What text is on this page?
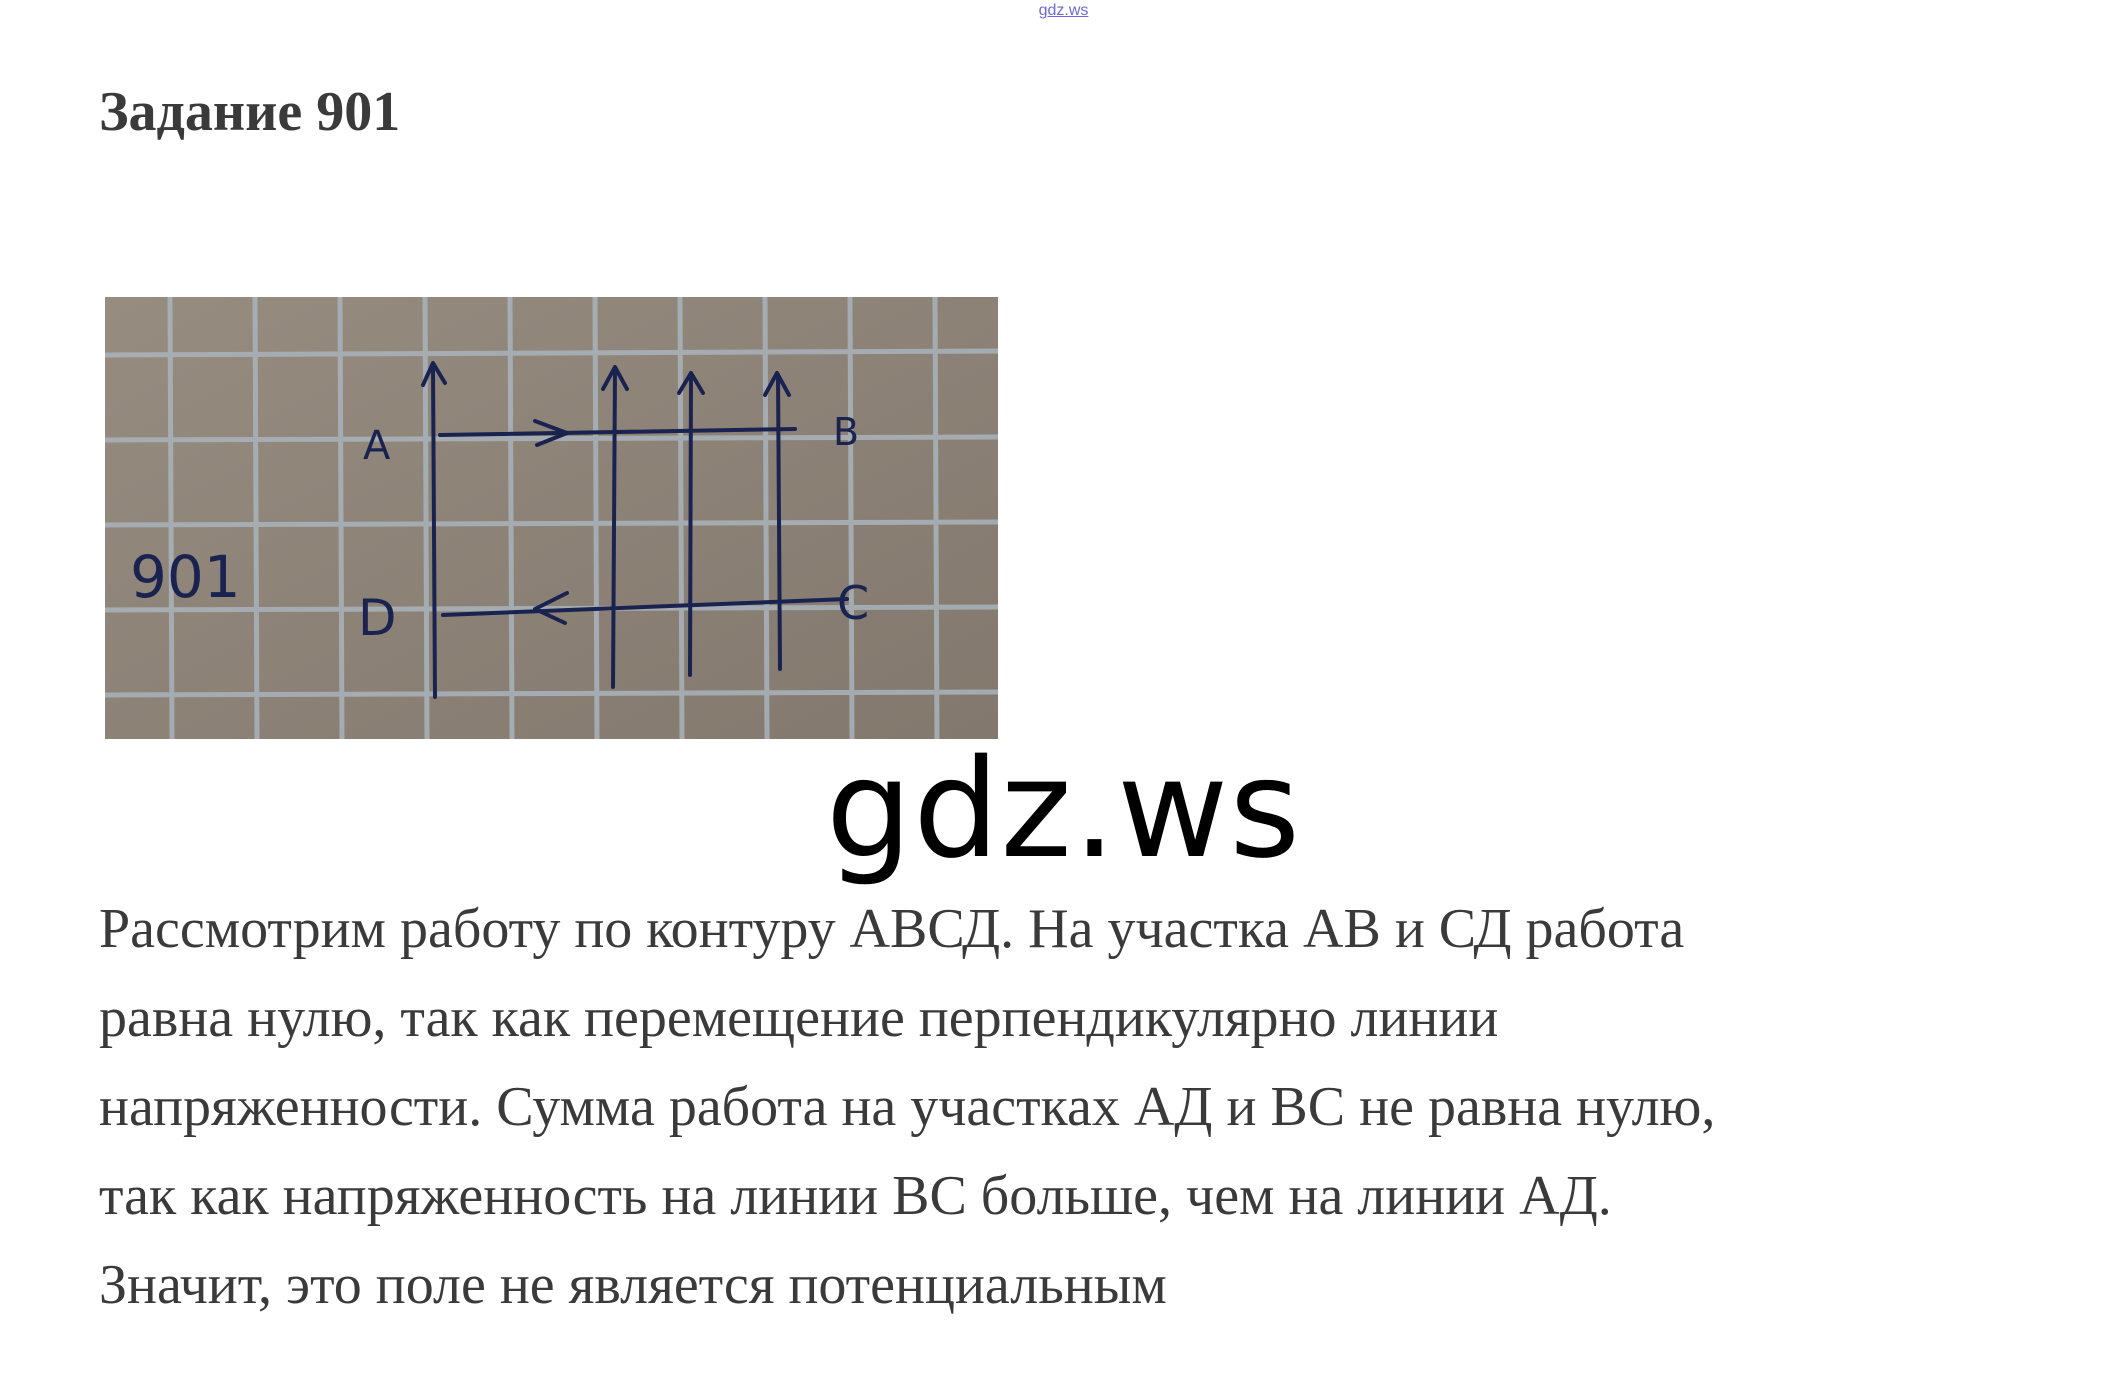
gdz.ws
Задание 901
A	B
C
D
901
gdz.ws
Рассмотрим работу по контуру АВСД. На участка АВ и СД работа
равна нулю, так как перемещение перпендикулярно линии
напряженности. Сумма работа на участках АД и ВС не равна нулю,
так как напряженность на линии ВС больше, чем на линии АД.
Значит, это поле не является потенциальным
